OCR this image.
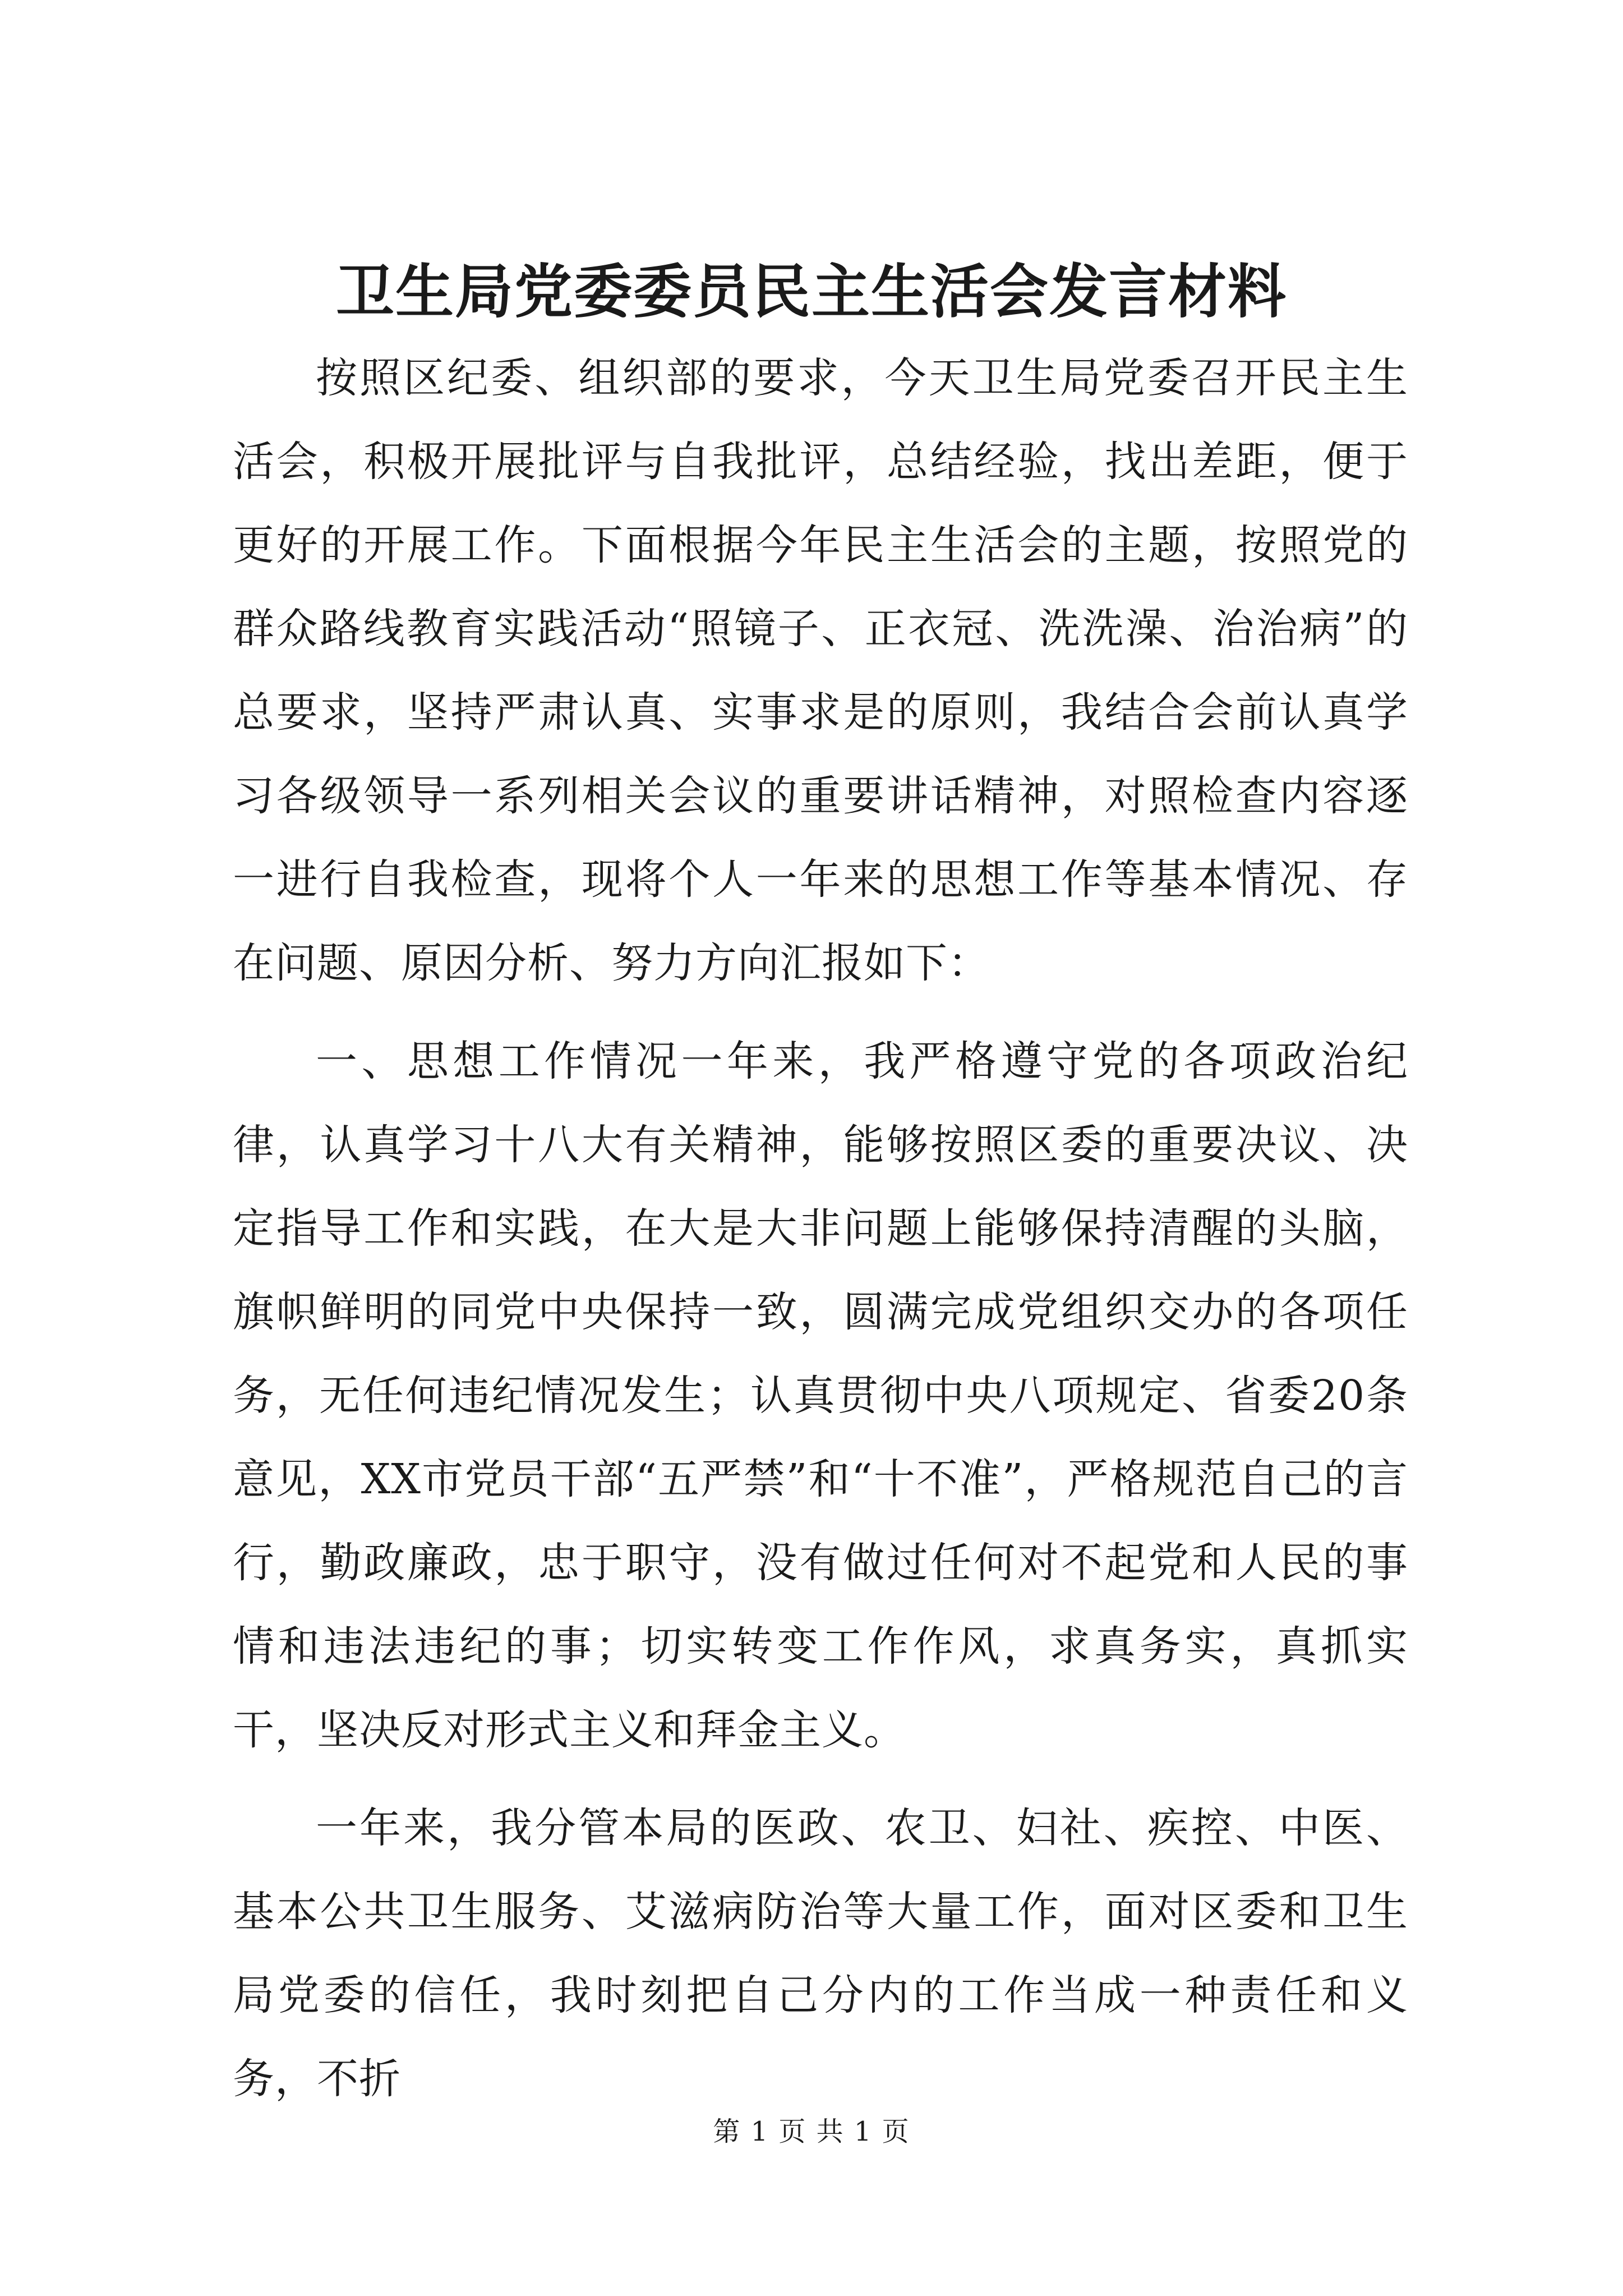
卫生局党委委员民主生活会发言材料

按照区纪委、组织部的要求，今天卫生局党委召开民主生活会，积极开展批评与自我批评，总结经验，找出差距，便于更好的开展工作。下面根据今年民主生活会的主题，按照党的群众路线教育实践活动“照镜子、正衣冠、洗洗澡、治治病”的总要求，坚持严肃认真、实事求是的原则，我结合会前认真学习各级领导一系列相关会议的重要讲话精神，对照检查内容逐一进行自我检查，现将个人一年来的思想工作等基本情况、存在问题、原因分析、努力方向汇报如下：

一、思想工作情况一年来，我严格遵守党的各项政治纪律，认真学习十八大有关精神，能够按照区委的重要决议、决定指导工作和实践，在大是大非问题上能够保持清醒的头脑，旗帜鲜明的同党中央保持一致，圆满完成党组织交办的各项任务，无任何违纪情况发生；认真贯彻中央八项规定、省委20条意见，XX市党员干部“五严禁”和“十不准”，严格规范自己的言行，勤政廉政，忠于职守，没有做过任何对不起党和人民的事情和违法违纪的事；切实转变工作作风，求真务实，真抓实干，坚决反对形式主义和拜金主义。

一年来，我分管本局的医政、农卫、妇社、疾控、中医、基本公共卫生服务、艾滋病防治等大量工作，面对区委和卫生局党委的信任，我时刻把自己分内的工作当成一种责任和义务，不折

第 1 页 共 1 页
